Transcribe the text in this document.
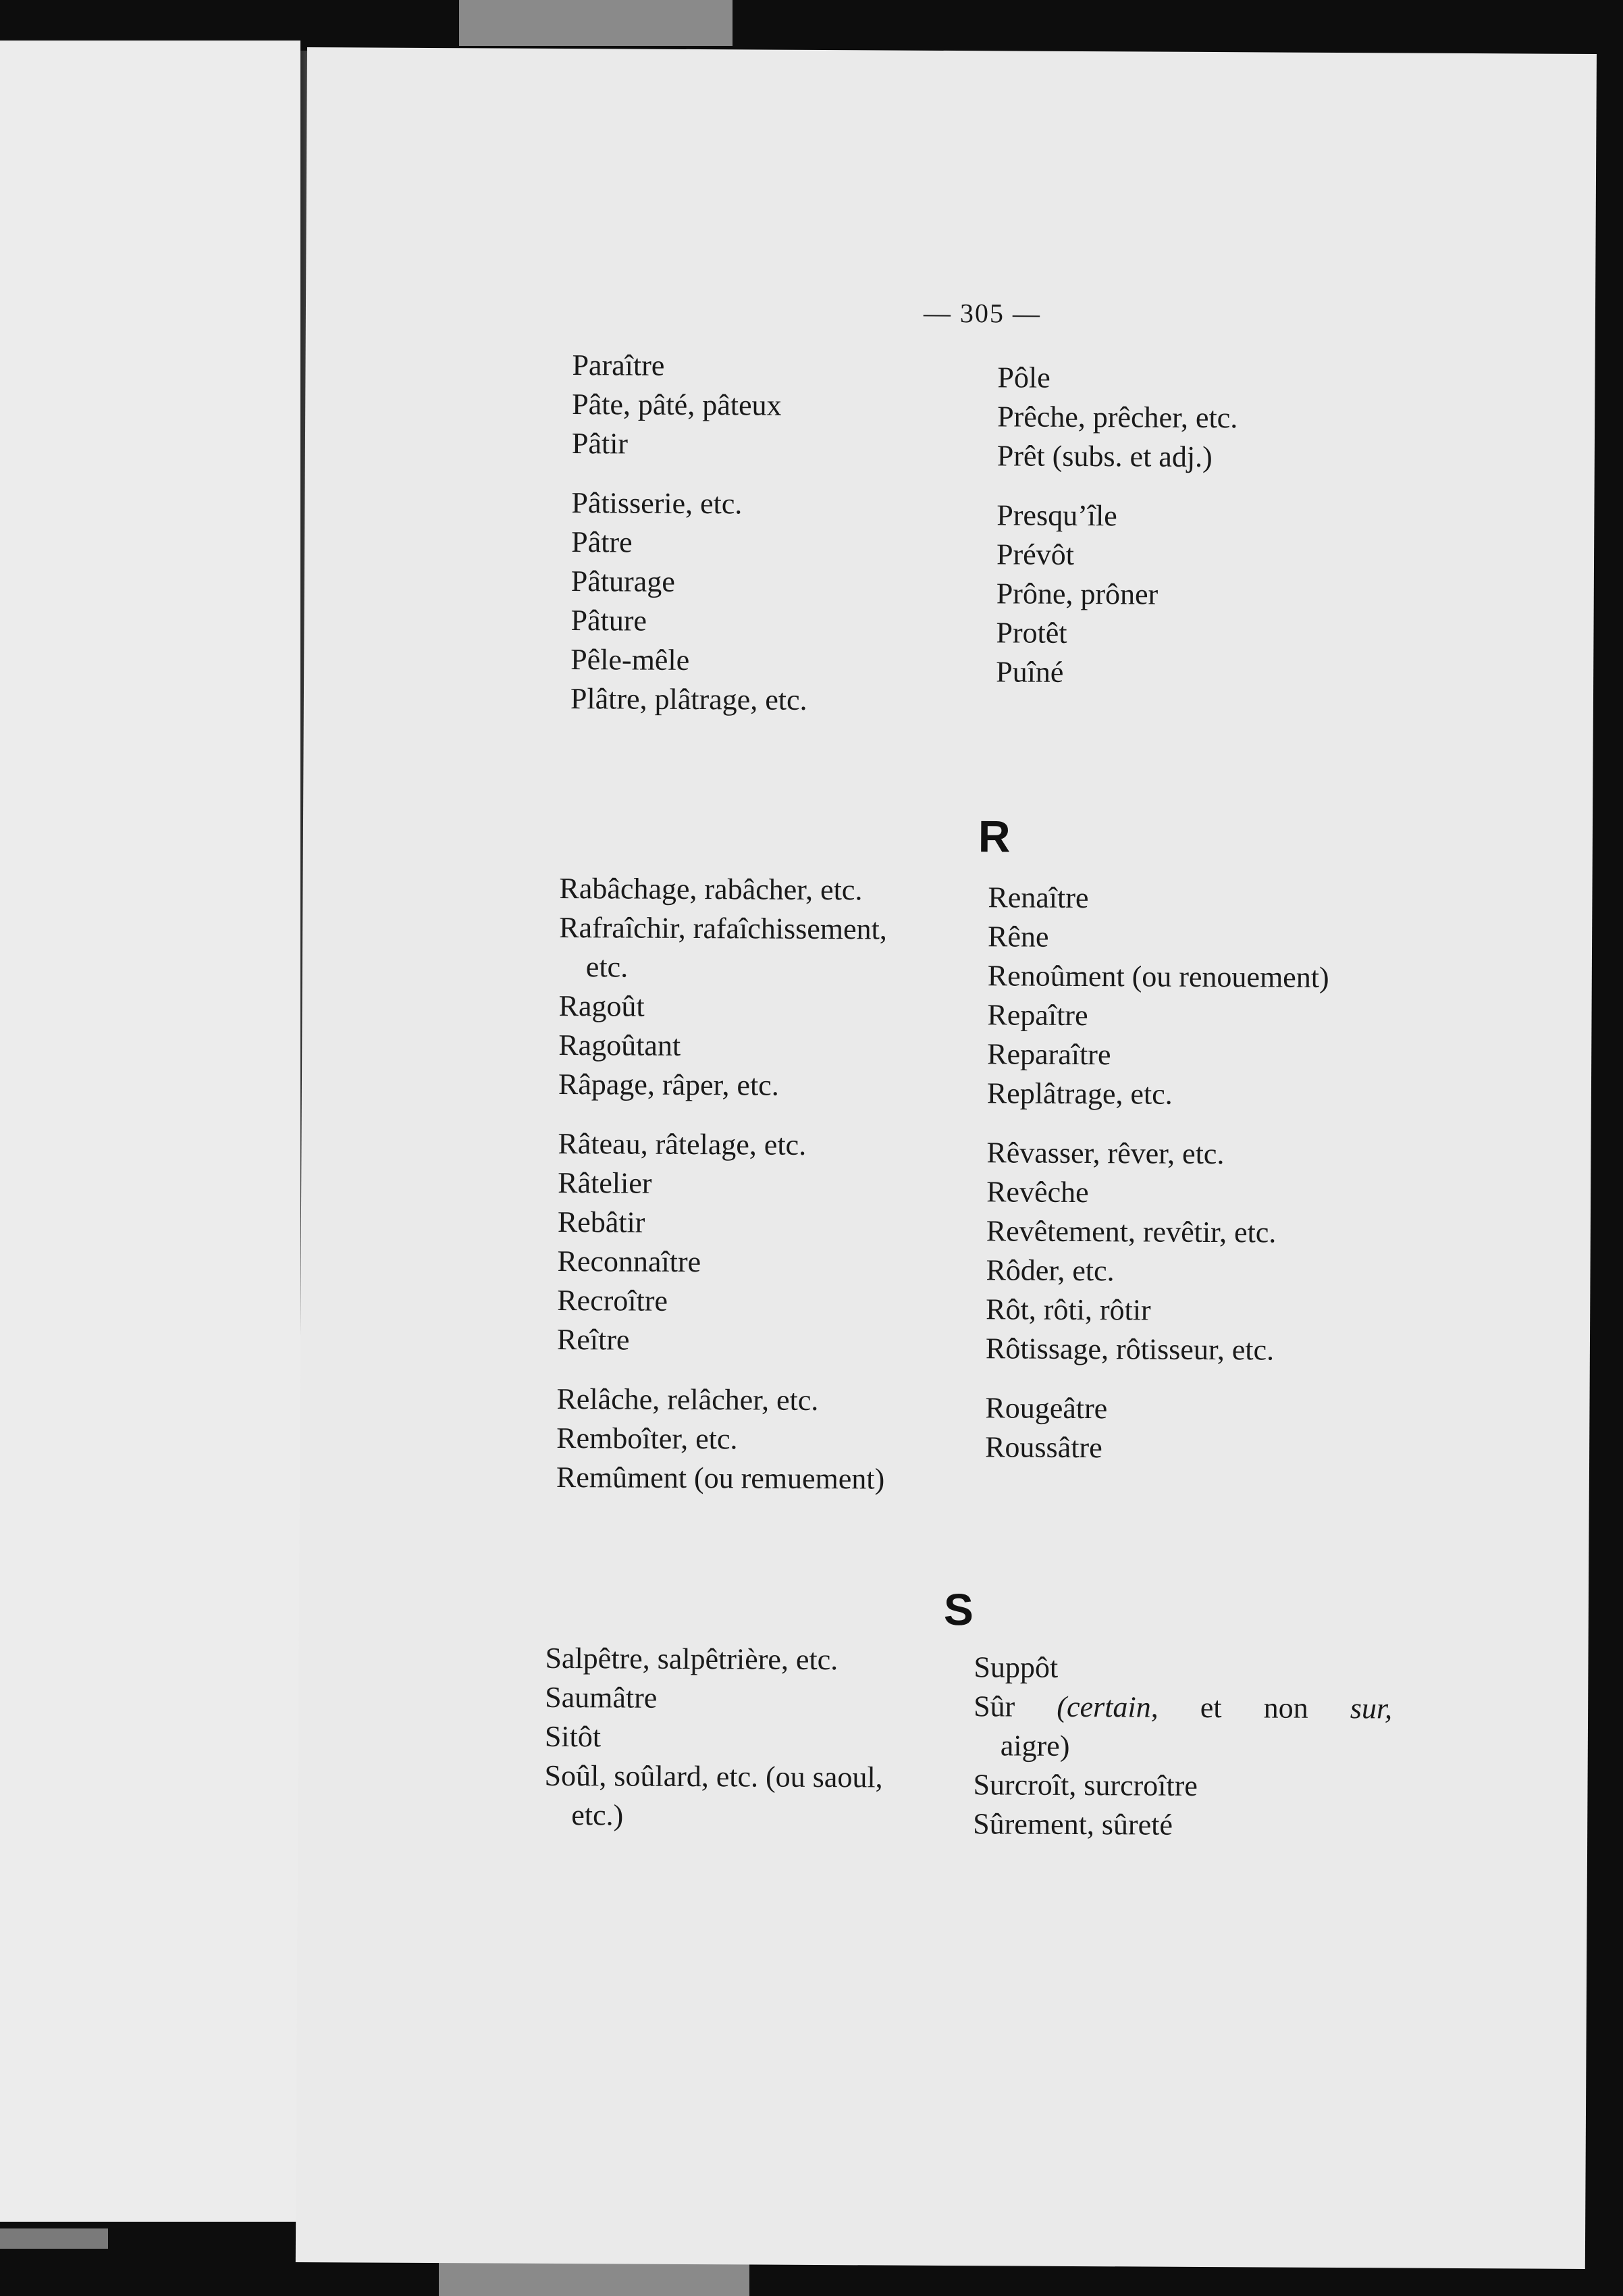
— 305 —
Paraître
Pâte, pâté, pâteux
Pâtir
Pâtisserie, etc.
Pâtre
Pâturage
Pâture
Pêle-mêle
Plâtre, plâtrage, etc.
Pôle
Prêche, prêcher, etc.
Prêt (subs. et adj.)
Presqu’île
Prévôt
Prône, prôner
Protêt
Puîné
R
Rabâchage, rabâcher, etc.
Rafraîchir, rafaîchissement,
etc.
Ragoût
Ragoûtant
Râpage, râper, etc.
Râteau, râtelage, etc.
Râtelier
Rebâtir
Reconnaître
Recroître
Reître
Relâche, relâcher, etc.
Remboîter, etc.
Remûment (ou remuement)
Renaître
Rêne
Renoûment (ou renouement)
Repaître
Reparaître
Replâtrage, etc.
Rêvasser, rêver, etc.
Revêche
Revêtement, revêtir, etc.
Rôder, etc.
Rôt, rôti, rôtir
Rôtissage, rôtisseur, etc.
Rougeâtre
Roussâtre
S
Salpêtre, salpêtrière, etc.
Saumâtre
Sitôt
Soûl, soûlard, etc. (ou saoul,
etc.)
Suppôt
Sûr (certain, et non sur,
aigre)
Surcroît, surcroître
Sûrement, sûreté
